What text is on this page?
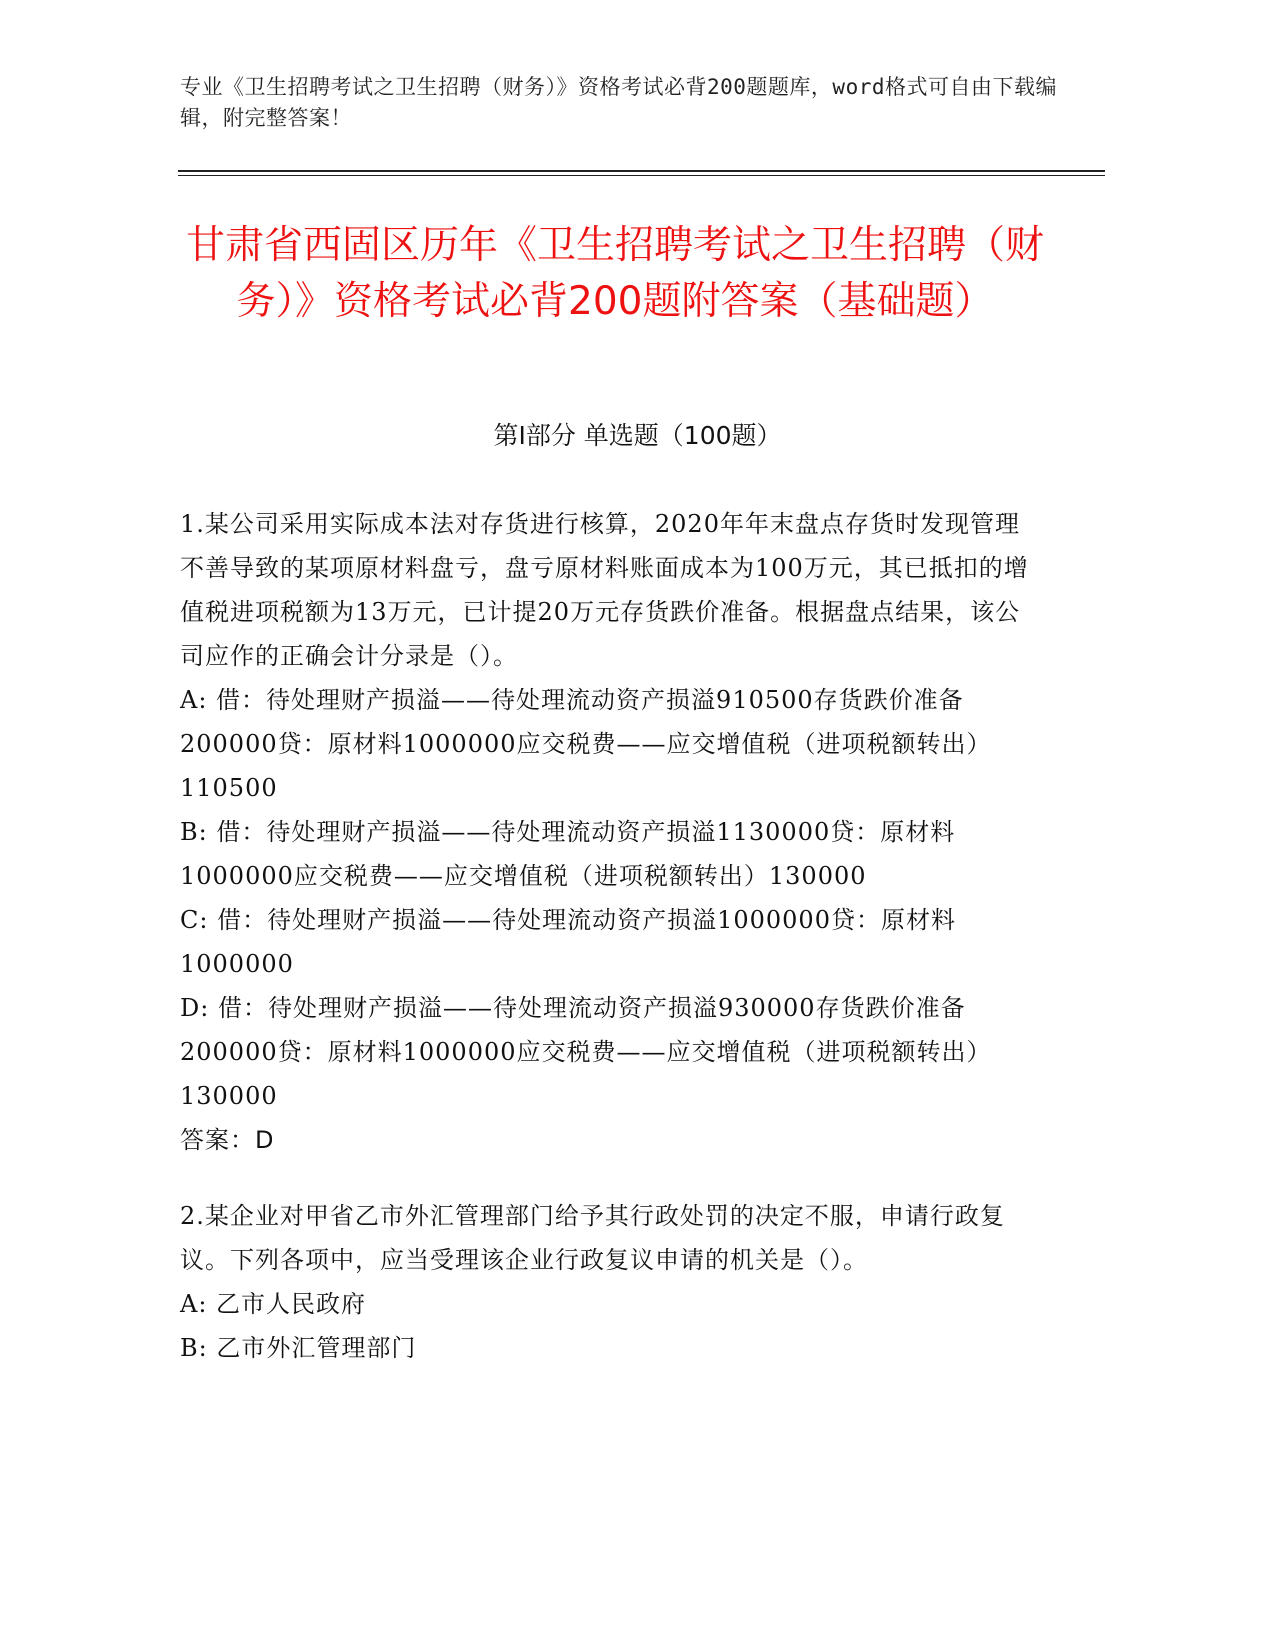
专业《卫生招聘考试之卫生招聘（财务）》资格考试必背200题题库，word格式可自由下载编辑，附完整答案！
甘肃省西固区历年《卫生招聘考试之卫生招聘（财务）》资格考试必背200题附答案（基础题）
第I部分 单选题（100题）

1.某公司采用实际成本法对存货进行核算，2020年年末盘点存货时发现管理不善导致的某项原材料盘亏，盘亏原材料账面成本为100万元，其已抵扣的增值税进项税额为13万元，已计提20万元存货跌价准备。根据盘点结果，该公司应作的正确会计分录是（）。

A: 借：待处理财产损溢——待处理流动资产损溢910500存货跌价准备200000贷：原材料1000000应交税费——应交增值税（进项税额转出）110500

B: 借：待处理财产损溢——待处理流动资产损溢1130000贷：原材料1000000应交税费——应交增值税（进项税额转出）130000

C: 借：待处理财产损溢——待处理流动资产损溢1000000贷：原材料1000000

D: 借：待处理财产损溢——待处理流动资产损溢930000存货跌价准备200000贷：原材料1000000应交税费——应交增值税（进项税额转出）130000

答案：D

2.某企业对甲省乙市外汇管理部门给予其行政处罚的决定不服，申请行政复议。下列各项中，应当受理该企业行政复议申请的机关是（）。

A: 乙市人民政府

B: 乙市外汇管理部门
